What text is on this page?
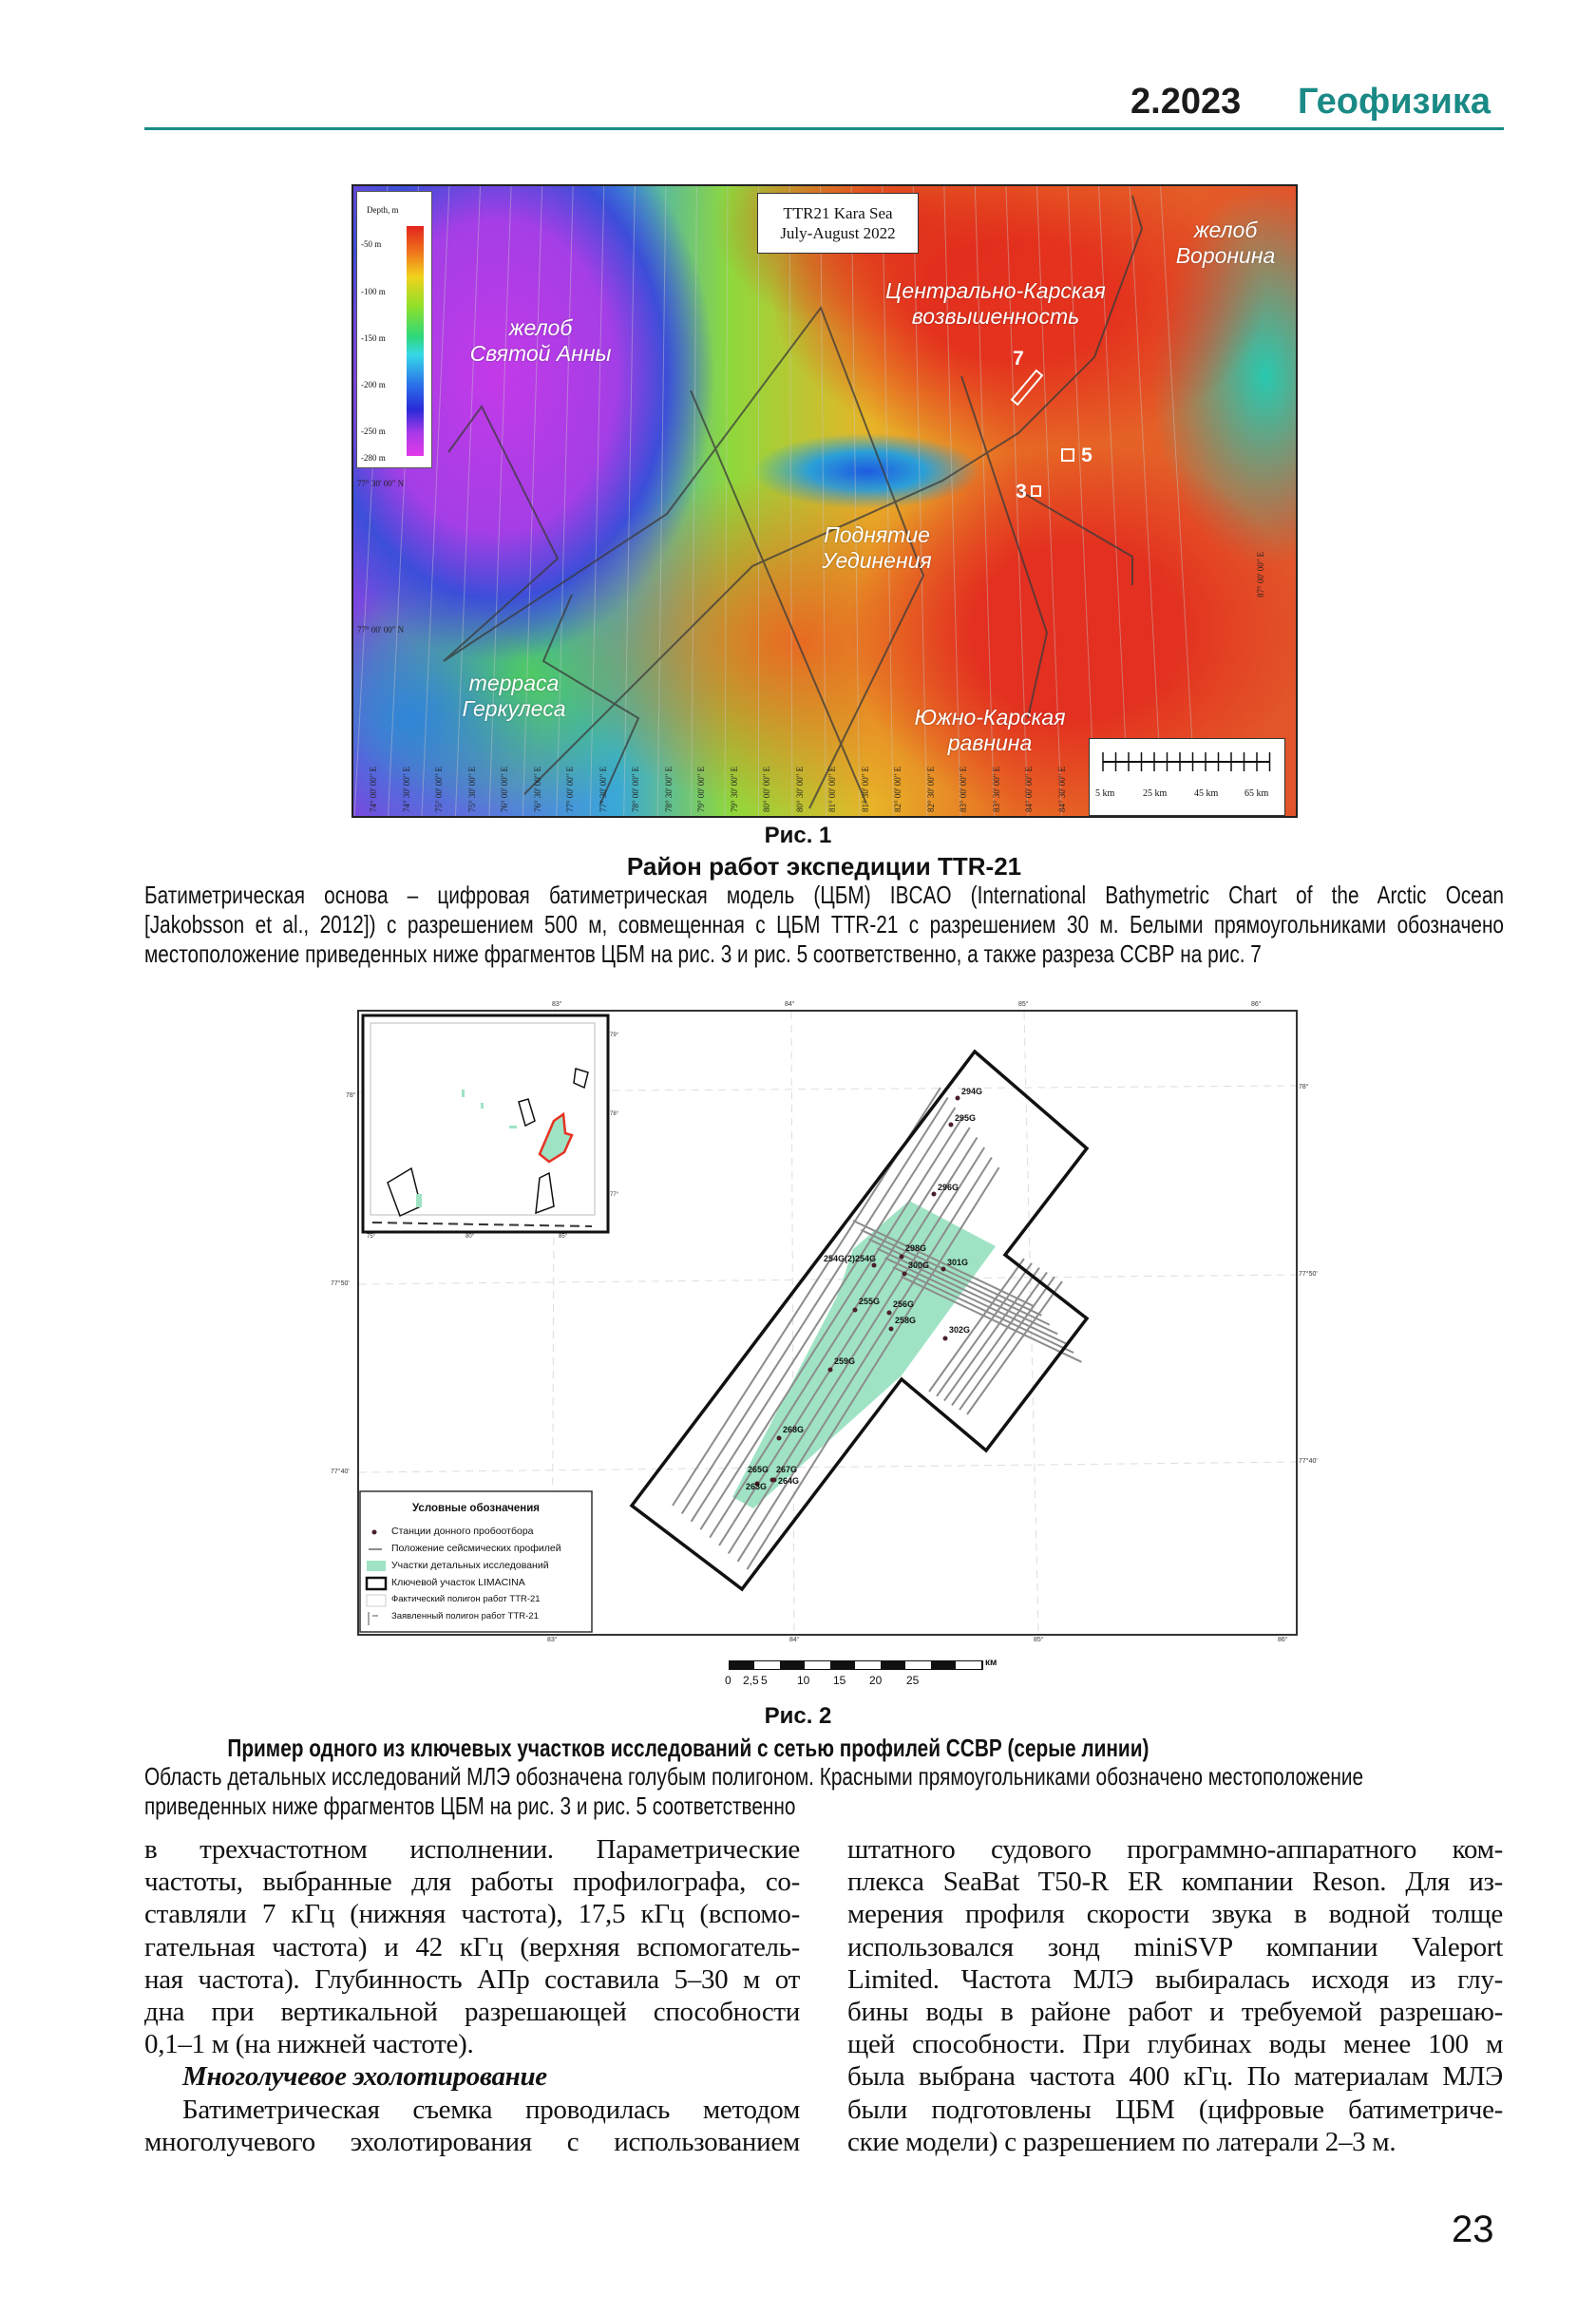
2.2023 Геофизика
Depth, m
-50 m
-100 m
-150 m
-200 m
-250 m
-280 m
TTR21 Kara Sea
July-August 2022
желоб
Святой Анны
Центрально-Карская
возвышенность
желоб
Воронина
Поднятие
Уединения
терраса
Геркулеса	Южно-Карская
равнина
7
5
3
77° 30' 00" N
77° 00' 00" N
74° 00' 00" E	74° 30' 00" E	75° 00' 00" E	75° 30' 00" E	76° 00' 00" E	76° 30' 00" E	77° 00' 00" E	77° 30' 00" E	78° 00' 00" E	78° 30' 00" E	79° 00' 00" E	79° 30' 00" E	80° 00' 00" E	80° 30' 00" E	81° 00' 00" E	81° 30' 00" E	82° 00' 00" E	82° 30' 00" E	83° 00' 00" E	83° 30' 00" E	84° 00' 00" E	84° 30' 00" E
87° 00' 00" E
5 km	25 km	45 km	65 km
Рис. 1
Район работ экспедиции TTR-21
Батиметрическая основа – цифровая батиметрическая модель (ЦБМ) IBCAO (International Bathymetric Chart of the Arctic Ocean
[Jakobsson et al., 2012]) с разрешением 500 м, совмещенная с ЦБМ TTR-21 с разрешением 30 м. Белыми прямоугольниками обозначено
местоположение приведенных ниже фрагментов ЦБМ на рис. 3 и рис. 5 соответственно, а также разреза ССВР на рис. 7
Условные обозначения
Станции донного пробоотбора
Положение сейсмических профилей
Участки детальных исследований
Ключевой участок LIMACINA
Фактический полигон работ TTR-21
Заявленный полигон работ TTR-21
294G
295G
296G
298G
254G(2)254G
300G 301G
255G 256G
258G
302G
259G
268G
265G 267G
264G
263G
83°	84°	85°	86°
83°	84°	85°	86°
78°
77°50'
77°40'
78°
77°50'
77°40'
79°
78°
77°
75°	80°	85°
км
0 2,5 5	10 15 20 25
Рис. 2
Пример одного из ключевых участков исследований с сетью профилей ССВР (серые линии)
Область детальных исследований МЛЭ обозначена голубым полигоном. Красными прямоугольниками обозначено местоположение
приведенных ниже фрагментов ЦБМ на рис. 3 и рис. 5 соответственно
в трехчастотном исполнении. Параметрические
частоты, выбранные для работы профилографа, со-
ставляли 7 кГц (нижняя частота), 17,5 кГц (вспомо-
гательная частота) и 42 кГц (верхняя вспомогатель-
ная частота). Глубинность АПр составила 5–30 м от
дна при вертикальной разрешающей способности
0,1–1 м (на нижней частоте).
Многолучевое эхолотирование
Батиметрическая съемка проводилась методом
многолучевого эхолотирования с использованием
штатного судового программно-аппаратного ком-
плекса SeaBat T50-R ER компании Reson. Для из-
мерения профиля скорости звука в водной толще
использовался зонд miniSVP компании Valeport
Limited. Частота МЛЭ выбиралась исходя из глу-
бины воды в районе работ и требуемой разрешаю-
щей способности. При глубинах воды менее 100 м
была выбрана частота 400 кГц. По материалам МЛЭ
были подготовлены ЦБМ (цифровые батиметриче-
ские модели) с разрешением по латерали 2–3 м.
23
